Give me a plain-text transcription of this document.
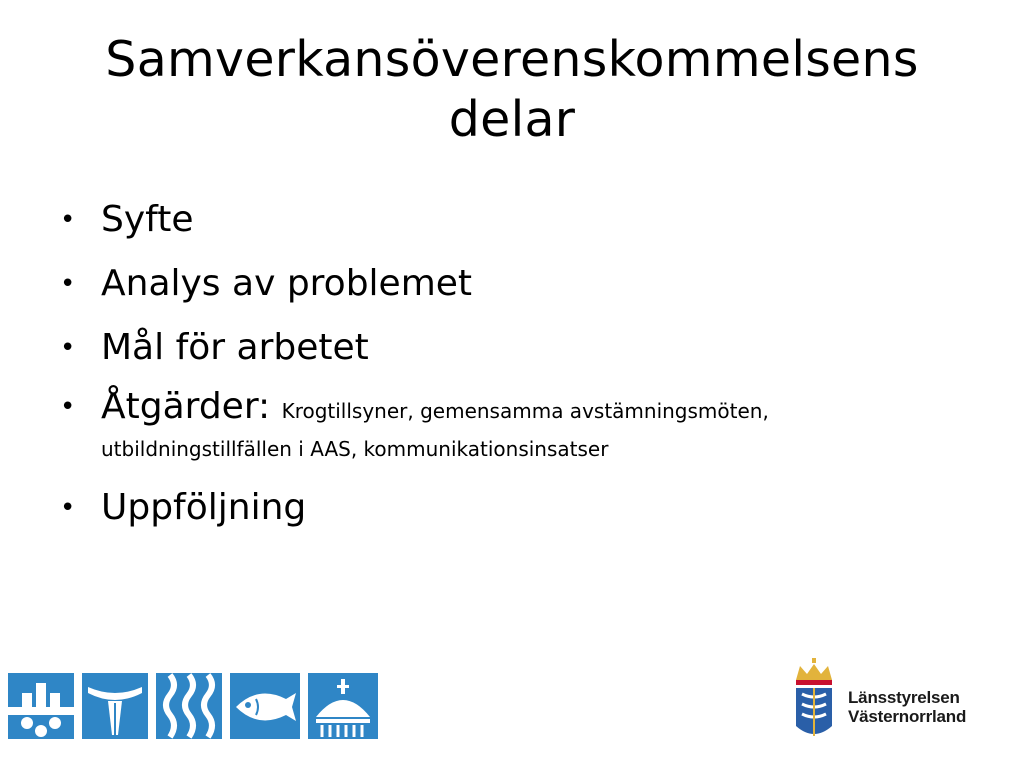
Samverkansöverenskommelsens
delar
• Syfte
• Analys av problemet
• Mål för arbetet
• Åtgärder: Krogtillsyner, gemensamma avstämningsmöten, utbildningstillfällen i AAS, kommunikationsinsatser
• Uppföljning
Länsstyrelsen
Västernorrland
